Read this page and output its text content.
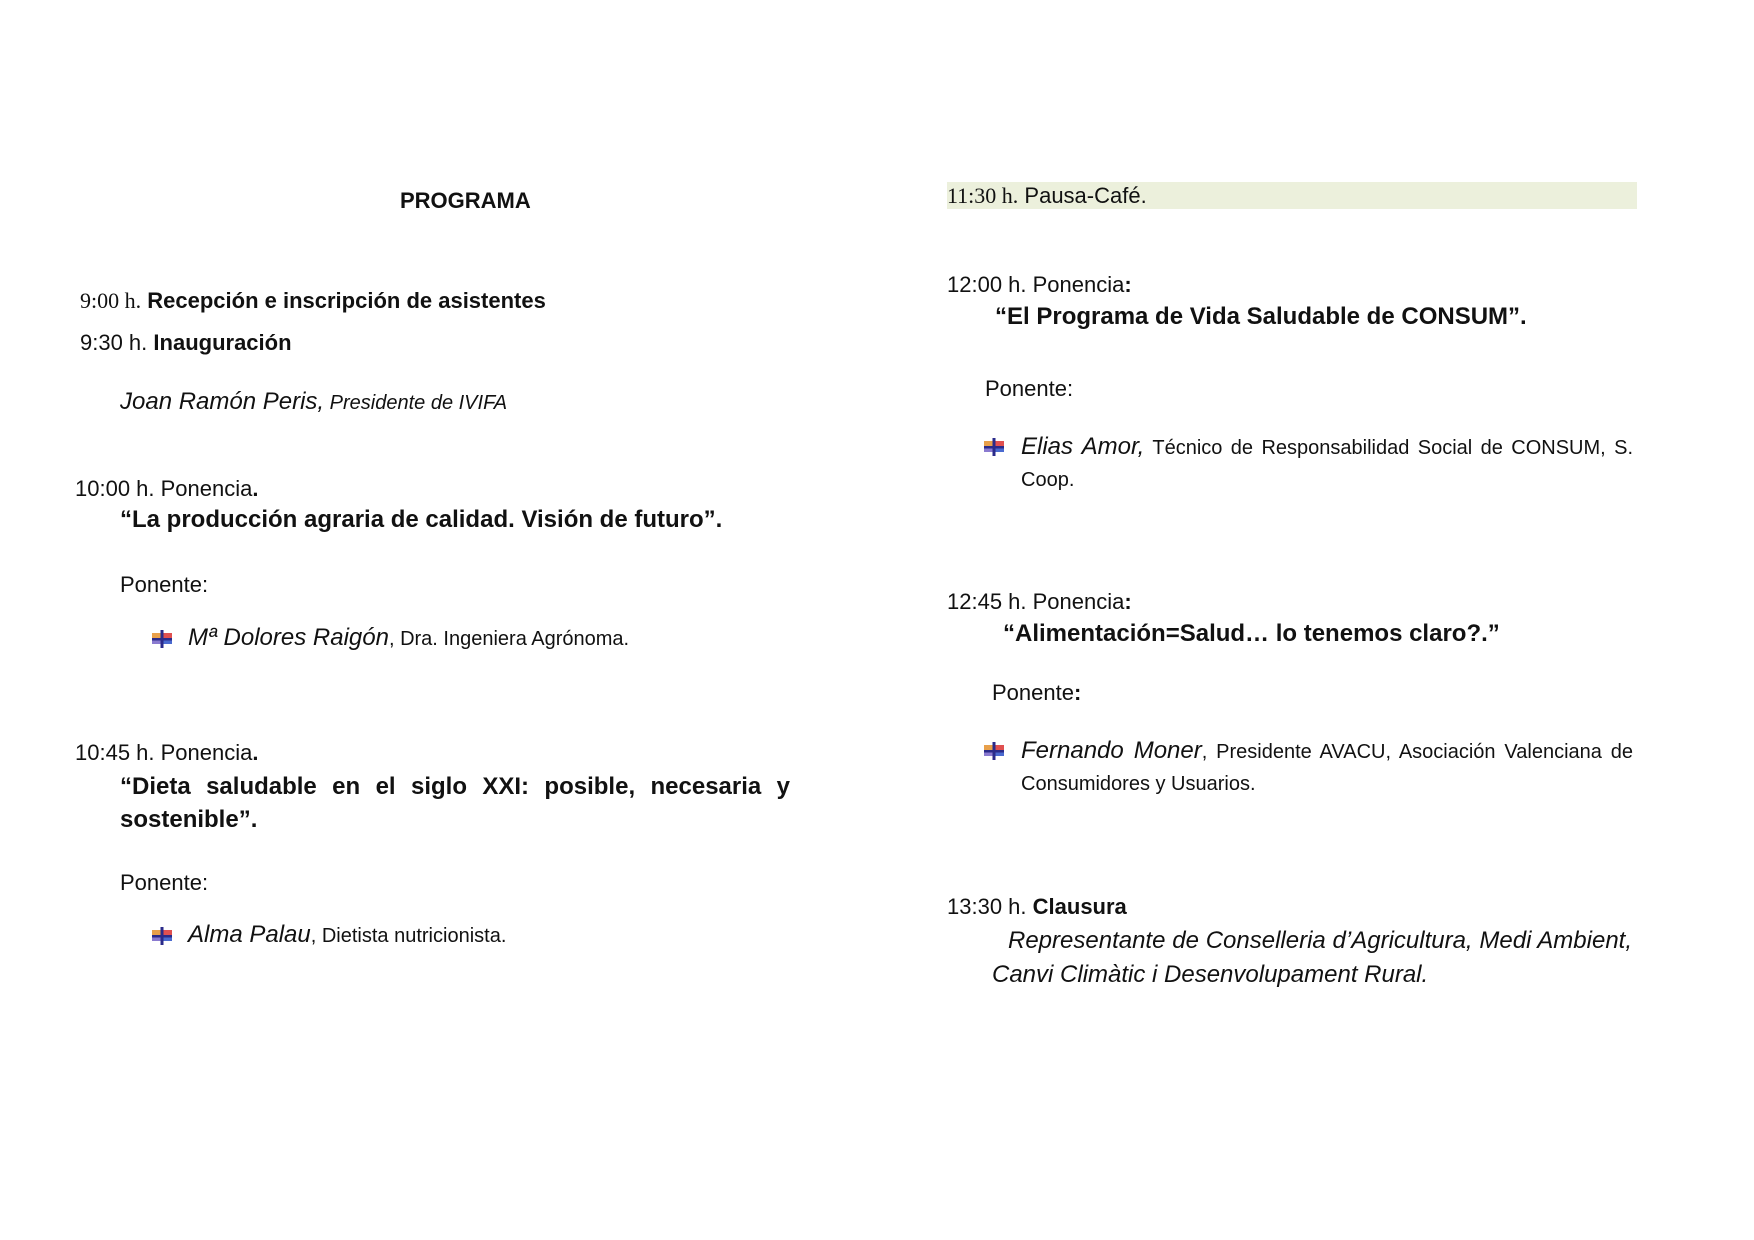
PROGRAMA
9:00 h. Recepción e inscripción de asistentes
9:30 h. Inauguración
Joan Ramón Peris, Presidente de IVIFA
10:00 h. Ponencia.
“La producción agraria de calidad. Visión de futuro”.
Ponente:
Mª Dolores Raigón, Dra. Ingeniera Agrónoma.
10:45 h. Ponencia.
“Dieta saludable en el siglo XXI: posible, necesaria y sostenible”.
Ponente:
Alma Palau, Dietista nutricionista.
11:30 h. Pausa-Café.
12:00 h. Ponencia:
“El Programa de Vida Saludable de CONSUM”.
Ponente:
Elias Amor, Técnico de Responsabilidad Social de CONSUM, S. Coop.
12:45 h. Ponencia:
“Alimentación=Salud… lo tenemos claro?.”
Ponente:
Fernando Moner, Presidente AVACU, Asociación Valenciana de Consumidores y Usuarios.
13:30 h. Clausura
Representante de Conselleria d’Agricultura, Medi Ambient, Canvi Climàtic i Desenvolupament Rural.
